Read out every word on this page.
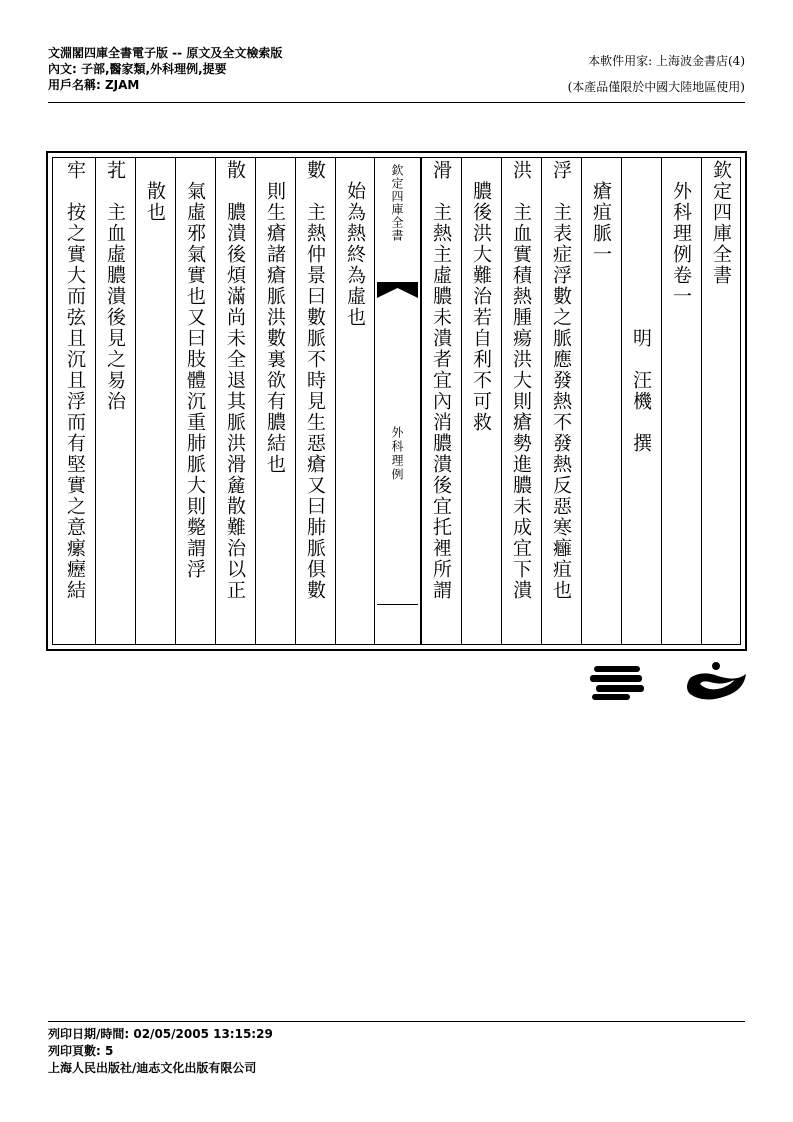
文淵閣四庫全書電子版 -- 原文及全文檢索版
內文: 子部,醫家類,外科理例,提要
用戶名稱: ZJAM
本軟件用家: 上海波金書店(4)
(本產品僅限於中國大陸地區使用)
欽定四庫全書
　外科理例卷一
　　　　　　　　明　汪機　撰
　瘡疽脈一
浮　主表症浮數之脈應發熱不發熱反惡寒癰疽也
洪　主血實積熱腫瘍洪大則瘡勢進膿未成宜下潰
　膿後洪大難治若自利不可救
滑　主熱主虛膿未潰者宜內消膿潰後宜托裡所謂
欽定四庫全書
外科理例
　始為熱終為虛也
數　主熱仲景曰數脈不時見生惡瘡又曰肺脈俱數
　則生瘡諸瘡脈洪數裏欲有膿結也
散　膿潰後煩滿尚未全退其脈洪滑麄散難治以正
　氣虛邪氣實也又曰肢體沉重肺脈大則斃謂浮
　散也
芤　主血虛膿潰後見之易治
牢　按之實大而弦且沉且浮而有堅實之意瘰癧結
列印日期/時間: 02/05/2005 13:15:29
列印頁數: 5
上海人民出版社/迪志文化出版有限公司
